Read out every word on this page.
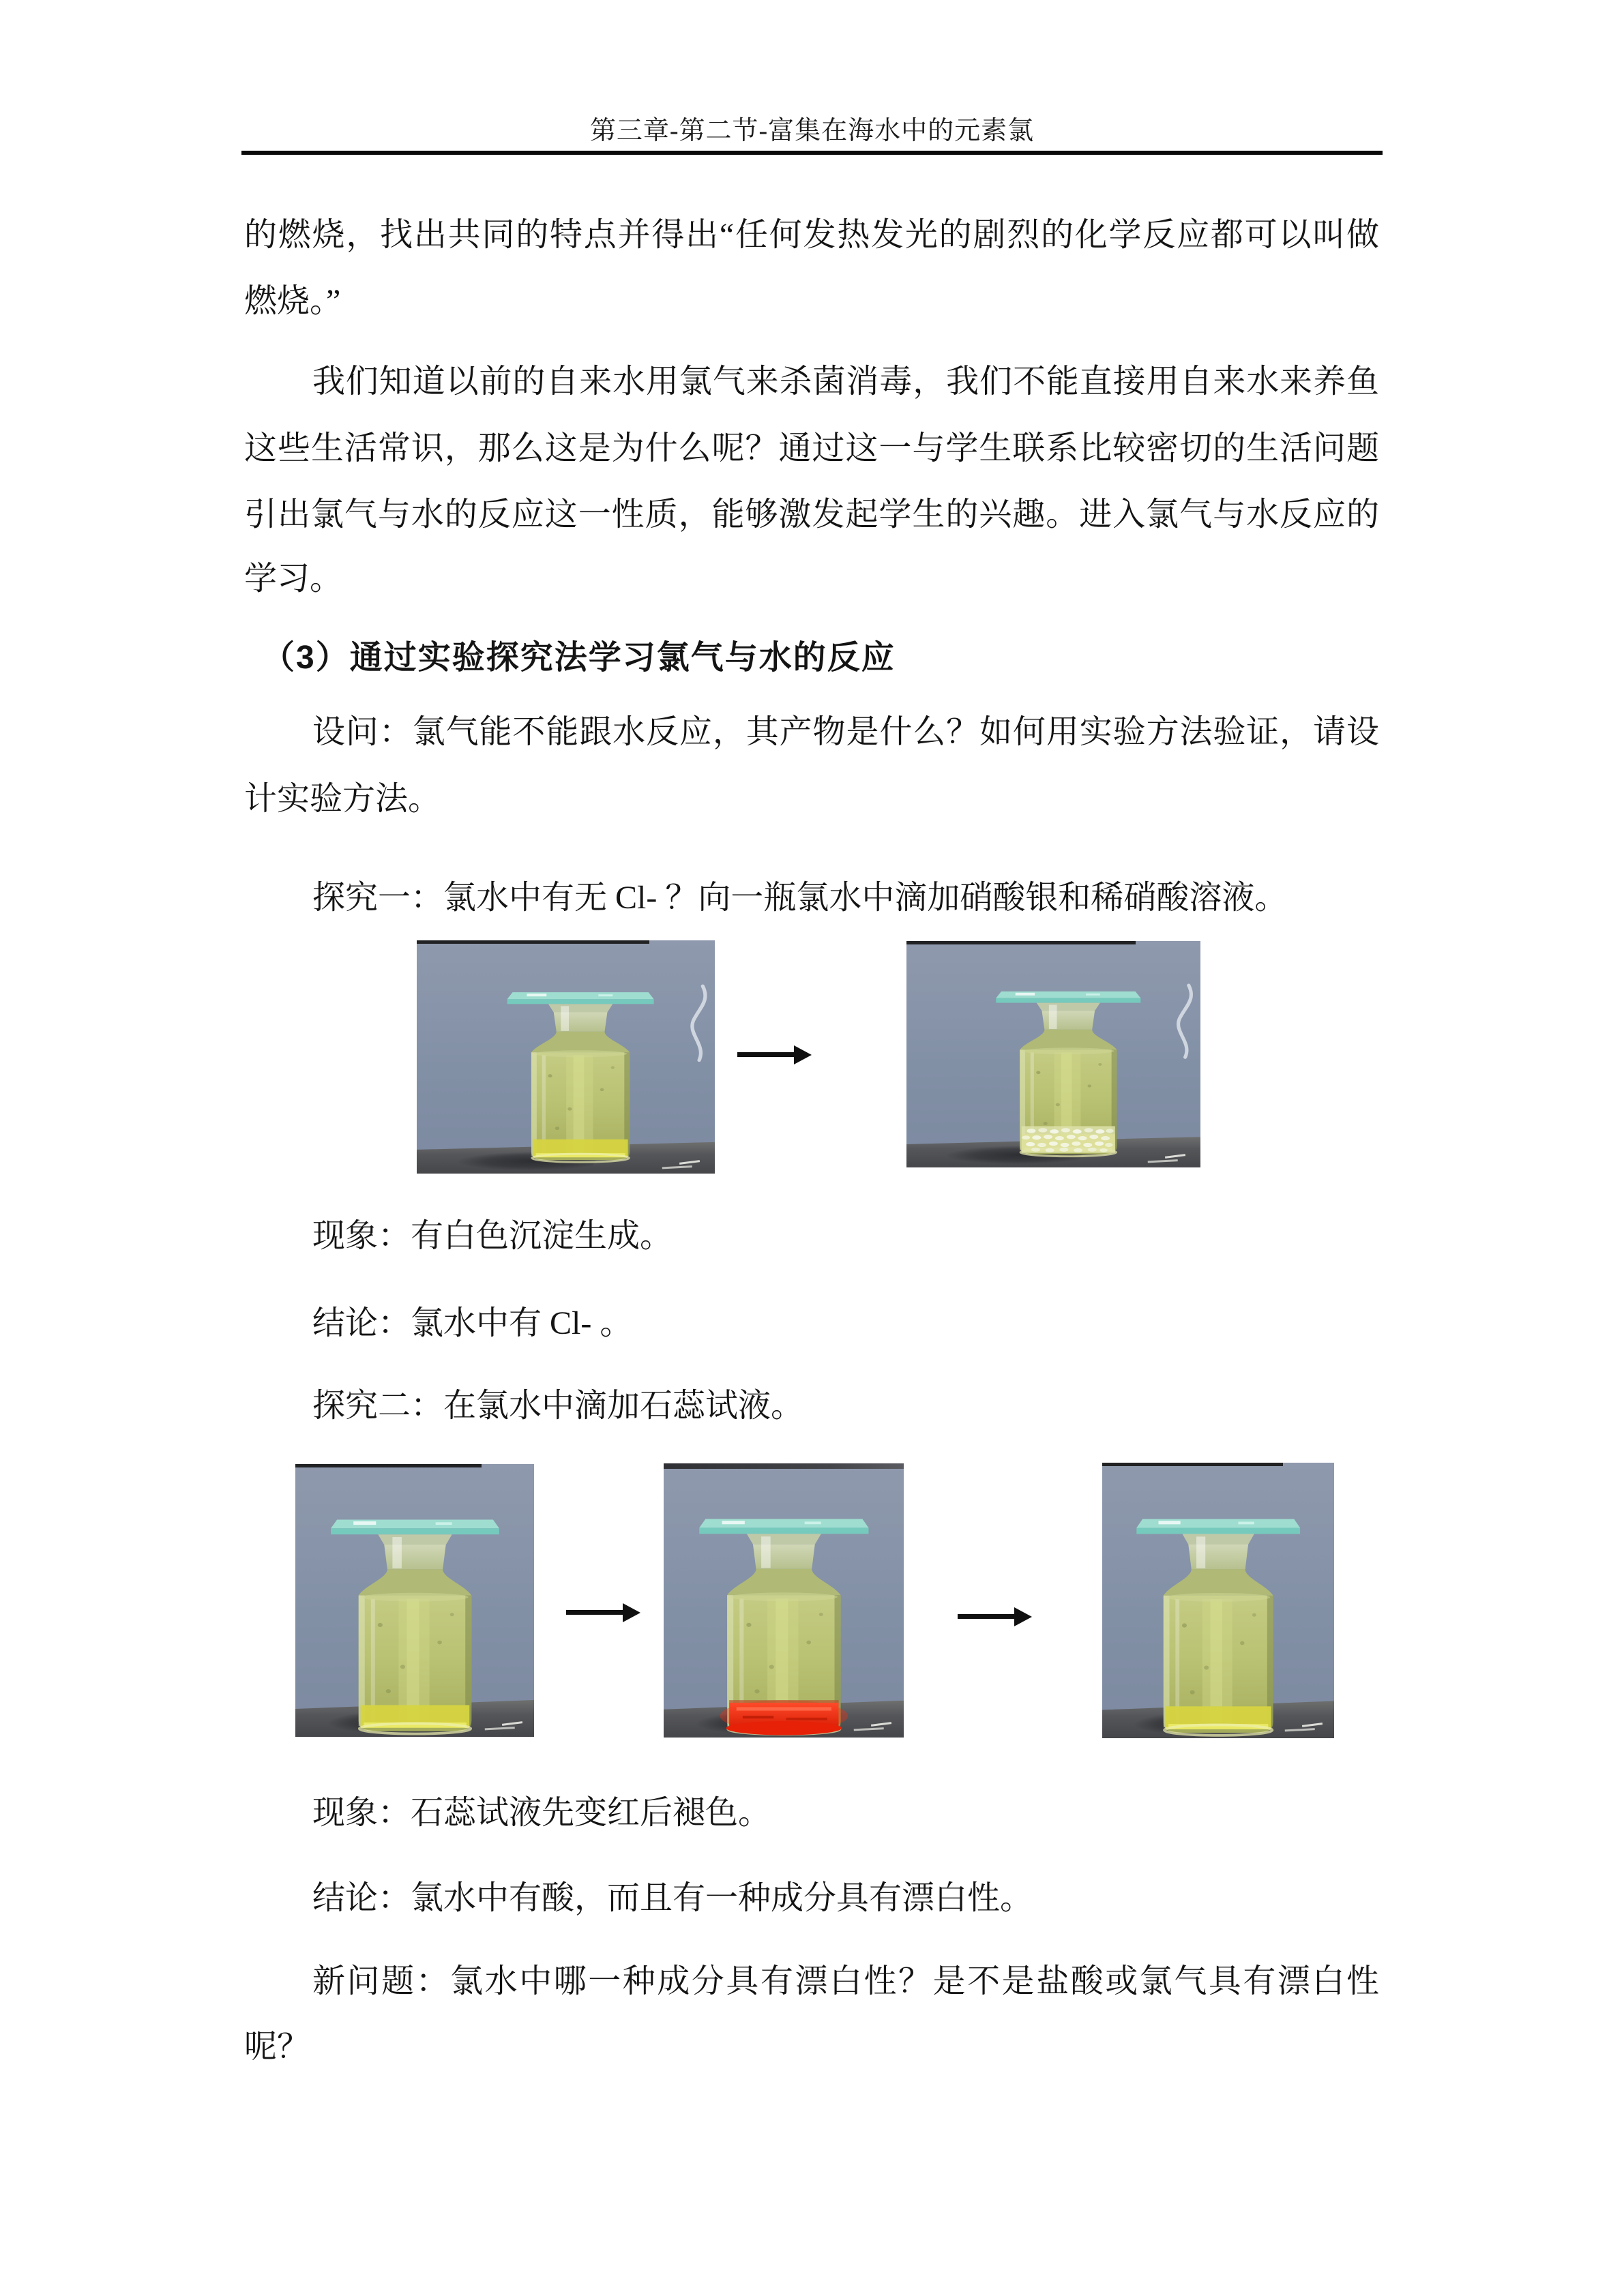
第三章-第二节-富集在海水中的元素氯
的燃烧，找出共同的特点并得出“任何发热发光的剧烈的化学反应都可以叫做
燃烧。”
我们知道以前的自来水用氯气来杀菌消毒，我们不能直接用自来水来养鱼
这些生活常识，那么这是为什么呢？通过这一与学生联系比较密切的生活问题
引出氯气与水的反应这一性质，能够激发起学生的兴趣。进入氯气与水反应的
学习。
（3）通过实验探究法学习氯气与水的反应
设问：氯气能不能跟水反应，其产物是什么？如何用实验方法验证，请设
计实验方法。
探究一：氯水中有无 Cl- ？向一瓶氯水中滴加硝酸银和稀硝酸溶液。
现象：有白色沉淀生成。
结论：氯水中有 Cl- 。
探究二：在氯水中滴加石蕊试液。
现象：石蕊试液先变红后褪色。
结论：氯水中有酸，而且有一种成分具有漂白性。
新问题：氯水中哪一种成分具有漂白性？是不是盐酸或氯气具有漂白性
呢？
